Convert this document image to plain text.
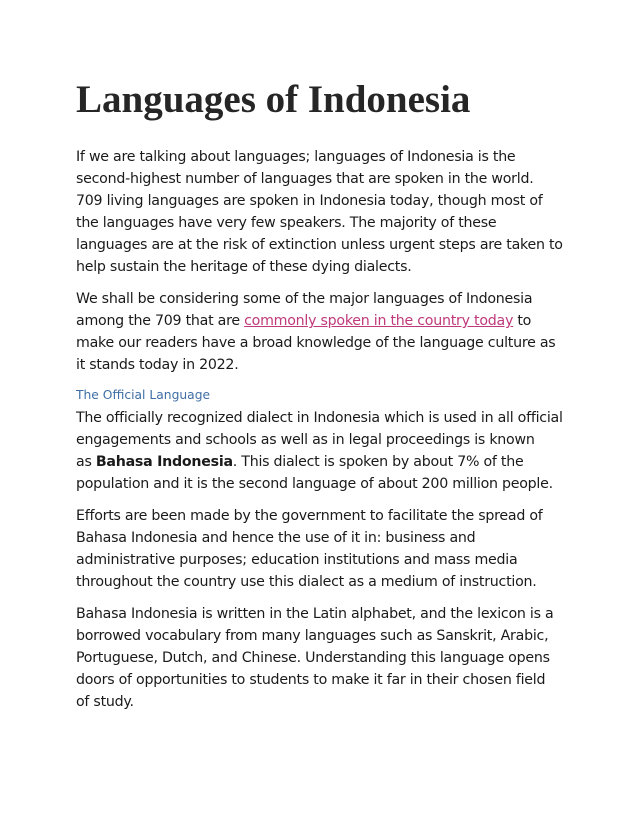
Languages of Indonesia

If we are talking about languages; languages of Indonesia is the
second-highest number of languages that are spoken in the world.
709 living languages are spoken in Indonesia today, though most of
the languages have very few speakers. The majority of these
languages are at the risk of extinction unless urgent steps are taken to
help sustain the heritage of these dying dialects.

We shall be considering some of the major languages of Indonesia
among the 709 that are commonly spoken in the country today to
make our readers have a broad knowledge of the language culture as
it stands today in 2022.

The Official Language

The officially recognized dialect in Indonesia which is used in all official
engagements and schools as well as in legal proceedings is known
as Bahasa Indonesia. This dialect is spoken by about 7% of the
population and it is the second language of about 200 million people.

Efforts are been made by the government to facilitate the spread of
Bahasa Indonesia and hence the use of it in: business and
administrative purposes; education institutions and mass media
throughout the country use this dialect as a medium of instruction.

Bahasa Indonesia is written in the Latin alphabet, and the lexicon is a
borrowed vocabulary from many languages such as Sanskrit, Arabic,
Portuguese, Dutch, and Chinese. Understanding this language opens
doors of opportunities to students to make it far in their chosen field
of study.
